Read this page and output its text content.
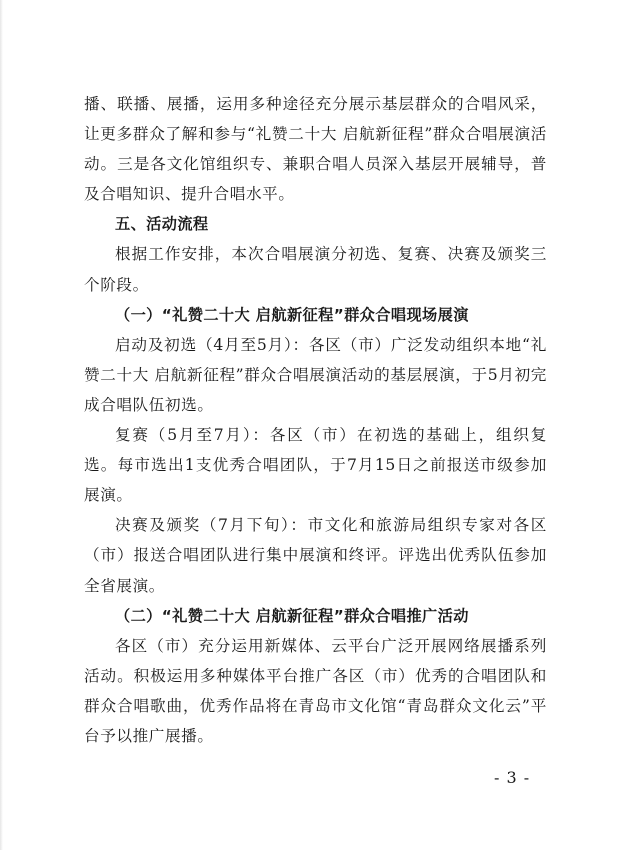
播、联播、展播，运用多种途径充分展示基层群众的合唱风采，让更多群众了解和参与“礼赞二十大 启航新征程”群众合唱展演活动。三是各文化馆组织专、兼职合唱人员深入基层开展辅导，普及合唱知识、提升合唱水平。

五、活动流程

根据工作安排，本次合唱展演分初选、复赛、决赛及颁奖三个阶段。

（一）“礼赞二十大 启航新征程”群众合唱现场展演

启动及初选（4月至5月）：各区（市）广泛发动组织本地“礼赞二十大 启航新征程”群众合唱展演活动的基层展演，于5月初完成合唱队伍初选。

复赛（5月至7月）：各区（市）在初选的基础上，组织复选。每市选出1支优秀合唱团队，于7月15日之前报送市级参加展演。

决赛及颁奖（7月下旬）：市文化和旅游局组织专家对各区（市）报送合唱团队进行集中展演和终评。评选出优秀队伍参加全省展演。

（二）“礼赞二十大 启航新征程”群众合唱推广活动

各区（市）充分运用新媒体、云平台广泛开展网络展播系列活动。积极运用多种媒体平台推广各区（市）优秀的合唱团队和群众合唱歌曲，优秀作品将在青岛市文化馆“青岛群众文化云”平台予以推广展播。

- 3 -
